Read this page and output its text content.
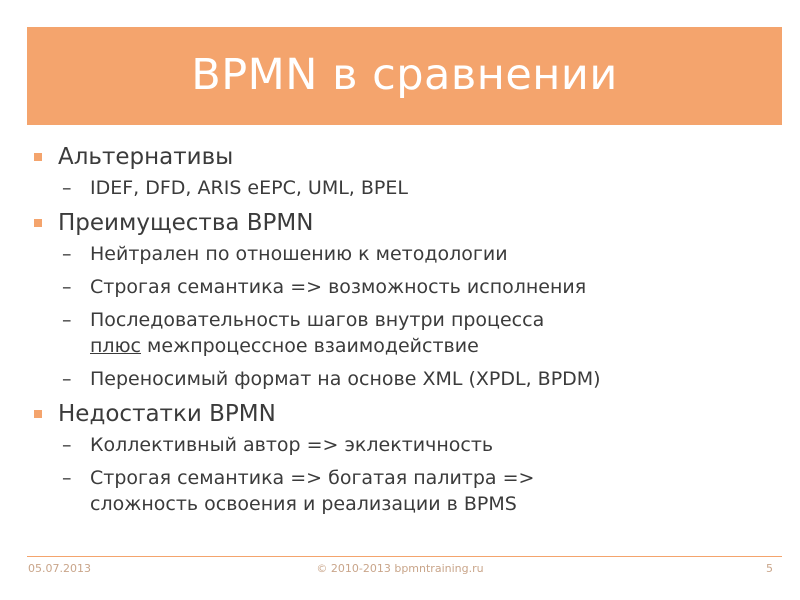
BPMN в сравнении
Альтернативы
– IDEF, DFD, ARIS eEPC, UML, BPEL
Преимущества BPMN
– Нейтрален по отношению к методологии
– Строгая семантика => возможность исполнения
– Последовательность шагов внутри процесса
плюс межпроцессное взаимодействие
– Переносимый формат на основе XML (XPDL, BPDM)
Недостатки BPMN
– Коллективный автор => эклектичность
– Строгая семантика => богатая палитра =>
сложность освоения и реализации в BPMS
05.07.2013	© 2010-2013 bpmntraining.ru	5
